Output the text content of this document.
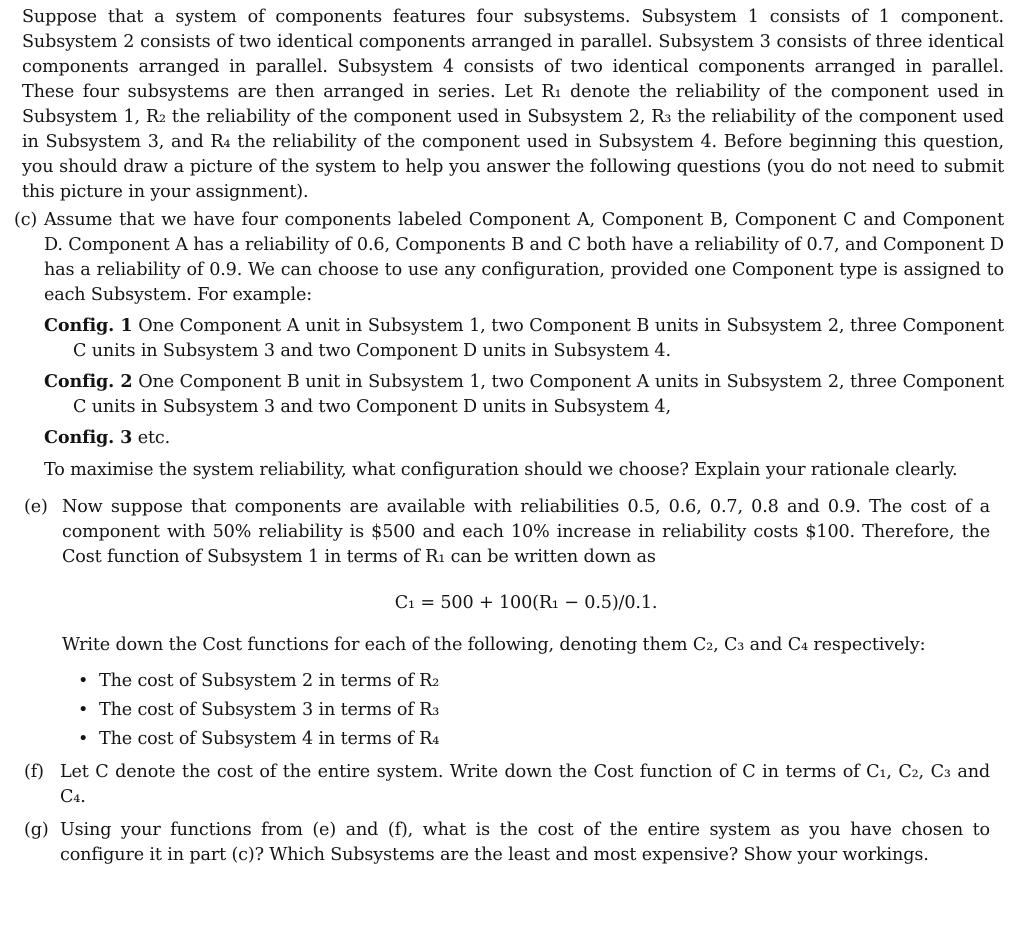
Suppose that a system of components features four subsystems. Subsystem 1 consists of 1 component. Subsystem 2 consists of two identical components arranged in parallel. Subsystem 3 consists of three identical components arranged in parallel. Subsystem 4 consists of two identical components arranged in parallel. These four subsystems are then arranged in series. Let R₁ denote the reliability of the component used in Subsystem 1, R₂ the reliability of the component used in Subsystem 2, R₃ the reliability of the component used in Subsystem 3, and R₄ the reliability of the component used in Subsystem 4. Before beginning this question, you should draw a picture of the system to help you answer the following questions (you do not need to submit this picture in your assignment).

(c) Assume that we have four components labeled Component A, Component B, Component C and Component D. Component A has a reliability of 0.6, Components B and C both have a reliability of 0.7, and Component D has a reliability of 0.9. We can choose to use any configuration, provided one Component type is assigned to each Subsystem. For example:

Config. 1 One Component A unit in Subsystem 1, two Component B units in Subsystem 2, three Component C units in Subsystem 3 and two Component D units in Subsystem 4.

Config. 2 One Component B unit in Subsystem 1, two Component A units in Subsystem 2, three Component C units in Subsystem 3 and two Component D units in Subsystem 4,

Config. 3 etc.

To maximise the system reliability, what configuration should we choose? Explain your rationale clearly.

(e) Now suppose that components are available with reliabilities 0.5, 0.6, 0.7, 0.8 and 0.9. The cost of a component with 50% reliability is $500 and each 10% increase in reliability costs $100. Therefore, the Cost function of Subsystem 1 in terms of R₁ can be written down as

C₁ = 500 + 100(R₁ − 0.5)/0.1.

Write down the Cost functions for each of the following, denoting them C₂, C₃ and C₄ respectively:

• The cost of Subsystem 2 in terms of R₂
• The cost of Subsystem 3 in terms of R₃
• The cost of Subsystem 4 in terms of R₄
(f) Let C denote the cost of the entire system. Write down the Cost function of C in terms of C₁, C₂, C₃ and C₄.

(g) Using your functions from (e) and (f), what is the cost of the entire system as you have chosen to configure it in part (c)? Which Subsystems are the least and most expensive? Show your workings.
